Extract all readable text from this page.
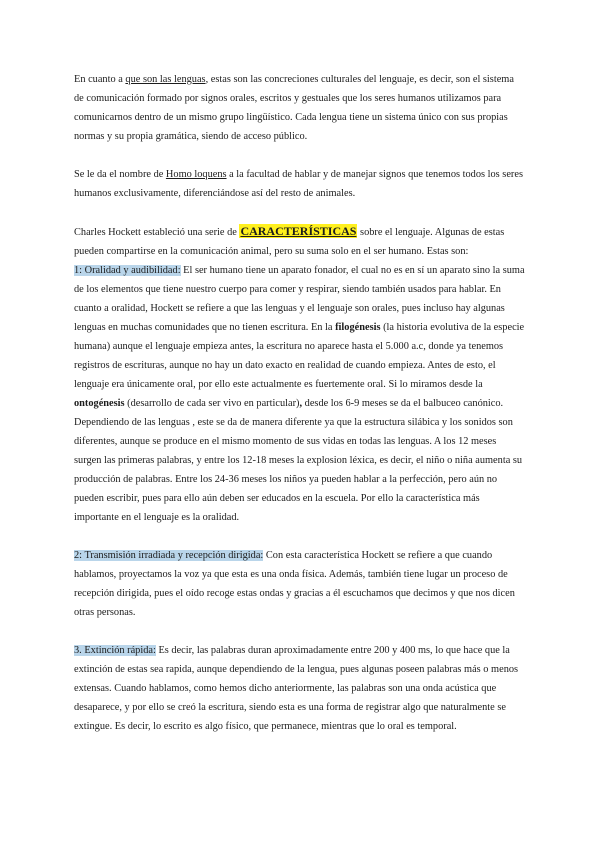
En cuanto a que son las lenguas, estas son las concreciones culturales del lenguaje, es decir, son el sistema de comunicación formado por signos orales, escritos y gestuales que los seres humanos utilizamos para comunicarnos dentro de un mismo grupo lingüístico. Cada lengua tiene un sistema único con sus propias normas y su propia gramática, siendo de acceso público.

Se le da el nombre de Homo loquens a la facultad de hablar y de manejar signos que tenemos todos los seres humanos exclusivamente, diferenciándose así del resto de animales.

Charles Hockett estableció una serie de CARACTERÍSTICAS sobre el lenguaje. Algunas de estas pueden compartirse en la comunicación animal, pero su suma solo en el ser humano. Estas son:
1: Oralidad y audibilidad: El ser humano tiene un aparato fonador, el cual no es en sí un aparato sino la suma de los elementos que tiene nuestro cuerpo para comer y respirar, siendo también usados para hablar. En cuanto a oralidad, Hockett se refiere a que las lenguas y el lenguaje son orales, pues incluso hay algunas lenguas en muchas comunidades que no tienen escritura. En la filogénesis (la historia evolutiva de la especie humana) aunque el lenguaje empieza antes, la escritura no aparece hasta el 5.000 a.c, donde ya tenemos registros de escrituras, aunque no hay un dato exacto en realidad de cuando empieza. Antes de esto, el lenguaje era únicamente oral, por ello este actualmente es fuertemente oral. Si lo miramos desde la ontogénesis (desarrollo de cada ser vivo en particular), desde los 6-9 meses se da el balbuceo canónico. Dependiendo de las lenguas , este se da de manera diferente ya que la estructura silábica y los sonidos son diferentes, aunque se produce en el mismo momento de sus vidas en todas las lenguas. A los 12 meses surgen las primeras palabras, y entre los 12-18 meses la explosion léxica, es decir, el niño o niña aumenta su producción de palabras. Entre los 24-36 meses los niños ya pueden hablar a la perfección, pero aún no pueden escribir, pues para ello aún deben ser educados en la escuela. Por ello la característica más importante en el lenguaje es la oralidad.

2: Transmisión irradiada y recepción dirigida: Con esta característica Hockett se refiere a que cuando hablamos, proyectamos la voz ya que esta es una onda física. Además, también tiene lugar un proceso de recepción dirigida, pues el oído recoge estas ondas y gracias a él escuchamos que decimos y que nos dicen otras personas.

3. Extinción rápida: Es decir, las palabras duran aproximadamente entre 200 y 400 ms, lo que hace que la extinción de estas sea rapida, aunque dependiendo de la lengua, pues algunas poseen palabras más o menos extensas. Cuando hablamos, como hemos dicho anteriormente, las palabras son una onda acústica que desaparece, y por ello se creó la escritura, siendo esta es una forma de registrar algo que naturalmente se extingue. Es decir, lo escrito es algo físico, que permanece, mientras que lo oral es temporal.
